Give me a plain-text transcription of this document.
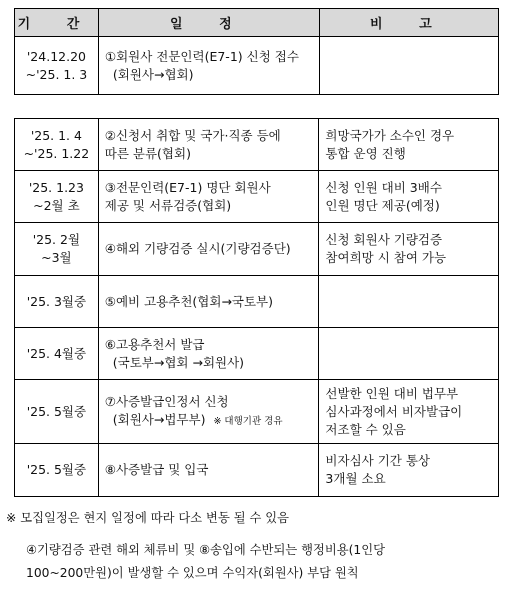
기 간	일 정	비 고

'24.12.20
~'25. 1. 3	①회원사 전문인력(E7-1) 신청 접수
(회원사→협회)	

'25. 1. 4
~'25. 1.22	②신청서 취합 및 국가·직종 등에
따른 분류(협회)	희망국가가 소수인 경우
통합 운영 진행

'25. 1.23
~2월 초	③전문인력(E7-1) 명단 회원사
제공 및 서류검증(협회)	신청 인원 대비 3배수
인원 명단 제공(예정)

'25. 2월
~3월	④해외 기량검증 실시(기량검증단)	신청 회원사 기량검증
참여희망 시 참여 가능

'25. 3월중	⑤예비 고용추천(협회→국토부)	

'25. 4월중	⑥고용추천서 발급
(국토부→협회 →회원사)	

'25. 5월중	⑦사증발급인정서 신청
(회원사→법무부) ※ 대행기관 경유	선발한 인원 대비 법무부
심사과정에서 비자발급이
저조할 수 있음

'25. 5월중	⑧사증발급 및 입국	비자심사 기간 통상
3개월 소요
※ 모집일정은 현지 일정에 따라 다소 변동 될 수 있음
④기량검증 관련 해외 체류비 및 ⑧송입에 수반되는 행정비용(1인당
100~200만원)이 발생할 수 있으며 수익자(회원사) 부담 원칙
